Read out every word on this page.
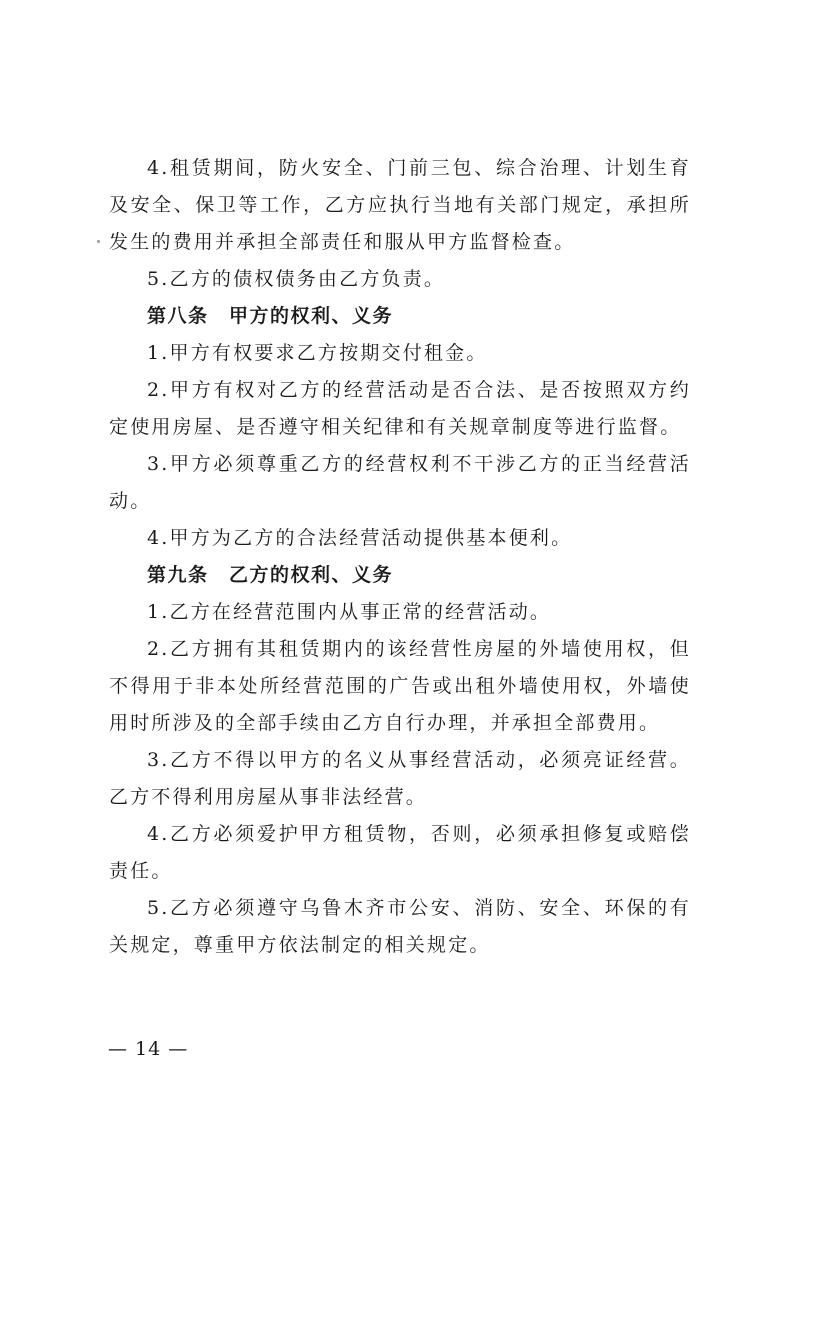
4.租赁期间，防火安全、门前三包、综合治理、计划生育及安全、保卫等工作，乙方应执行当地有关部门规定，承担所发生的费用并承担全部责任和服从甲方监督检查。

5.乙方的债权债务由乙方负责。

第八条　甲方的权利、义务

1.甲方有权要求乙方按期交付租金。

2.甲方有权对乙方的经营活动是否合法、是否按照双方约定使用房屋、是否遵守相关纪律和有关规章制度等进行监督。

3.甲方必须尊重乙方的经营权利不干涉乙方的正当经营活动。

4.甲方为乙方的合法经营活动提供基本便利。

第九条　乙方的权利、义务

1.乙方在经营范围内从事正常的经营活动。

2.乙方拥有其租赁期内的该经营性房屋的外墙使用权，但不得用于非本处所经营范围的广告或出租外墙使用权，外墙使用时所涉及的全部手续由乙方自行办理，并承担全部费用。

3.乙方不得以甲方的名义从事经营活动，必须亮证经营。乙方不得利用房屋从事非法经营。

4.乙方必须爱护甲方租赁物，否则，必须承担修复或赔偿责任。

5.乙方必须遵守乌鲁木齐市公安、消防、安全、环保的有关规定，尊重甲方依法制定的相关规定。

— 14 —
